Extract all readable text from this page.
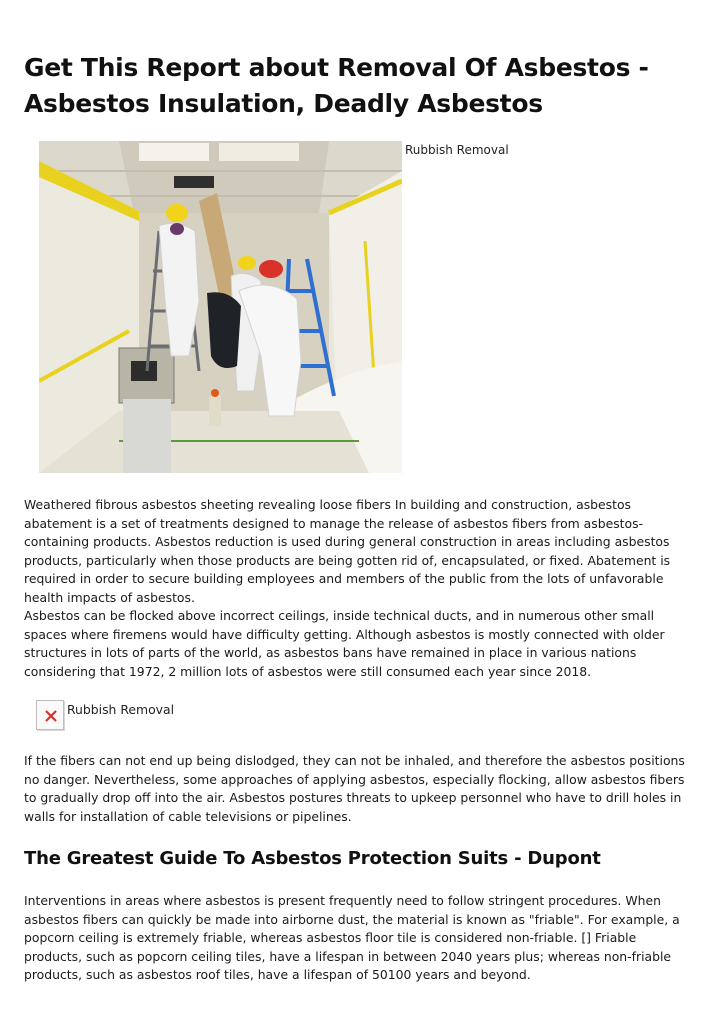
Get This Report about Removal Of Asbestos - Asbestos Insulation, Deadly Asbestos
Rubbish Removal

Weathered fibrous asbestos sheeting revealing loose fibers In building and construction, asbestos abatement is a set of treatments designed to manage the release of asbestos fibers from asbestos-containing products. Asbestos reduction is used during general construction in areas including asbestos products, particularly when those products are being gotten rid of, encapsulated, or fixed. Abatement is required in order to secure building employees and members of the public from the lots of unfavorable health impacts of asbestos.

Asbestos can be flocked above incorrect ceilings, inside technical ducts, and in numerous other small spaces where firemens would have difficulty getting. Although asbestos is mostly connected with older structures in lots of parts of the world, as asbestos bans have remained in place in various nations considering that 1972, 2 million lots of asbestos were still consumed each year since 2018.

Rubbish Removal

If the fibers can not end up being dislodged, they can not be inhaled, and therefore the asbestos positions no danger. Nevertheless, some approaches of applying asbestos, especially flocking, allow asbestos fibers to gradually drop off into the air. Asbestos postures threats to upkeep personnel who have to drill holes in walls for installation of cable televisions or pipelines.

The Greatest Guide To Asbestos Protection Suits - Dupont

Interventions in areas where asbestos is present frequently need to follow stringent procedures. When asbestos fibers can quickly be made into airborne dust, the material is known as "friable". For example, a popcorn ceiling is extremely friable, whereas asbestos floor tile is considered non-friable. [] Friable products, such as popcorn ceiling tiles, have a lifespan in between 2040 years plus; whereas non-friable products, such as asbestos roof tiles, have a lifespan of 50100 years and beyond.
